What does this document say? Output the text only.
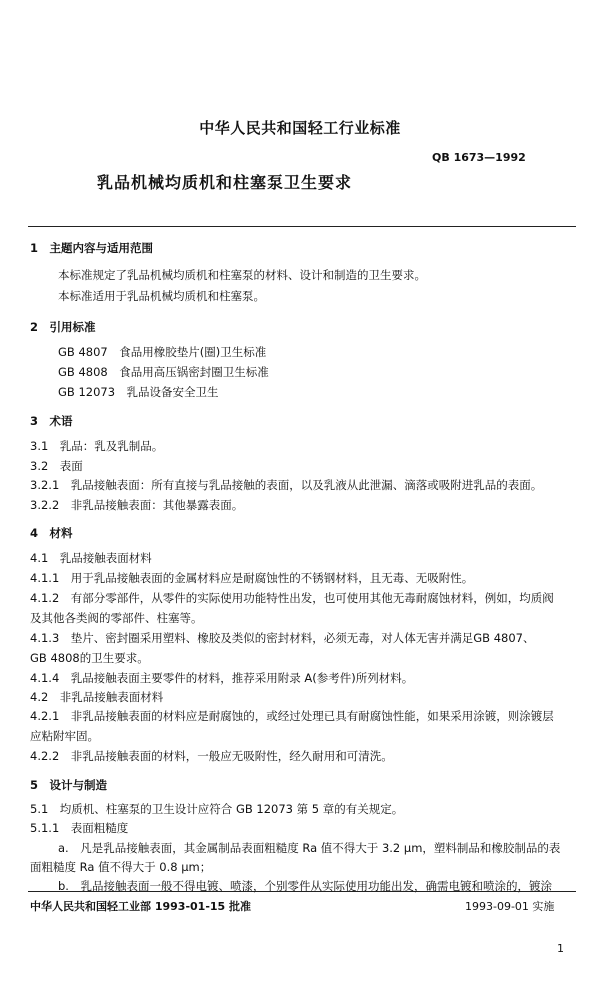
中华人民共和国轻工行业标准
QB 1673—1992
乳品机械均质机和柱塞泵卫生要求
1　主题内容与适用范围
本标准规定了乳品机械均质机和柱塞泵的材料、设计和制造的卫生要求。
本标准适用于乳品机械均质机和柱塞泵。
2　引用标准
GB 4807　食品用橡胶垫片(圈)卫生标准
GB 4808　食品用高压锅密封圈卫生标准
GB 12073　乳品设备安全卫生
3　术语
3.1　乳品：乳及乳制品。
3.2　表面
3.2.1　乳品接触表面：所有直接与乳品接触的表面，以及乳液从此泄漏、滴落或吸附进乳品的表面。
3.2.2　非乳品接触表面：其他暴露表面。
4　材料
4.1　乳品接触表面材料
4.1.1　用于乳品接触表面的金属材料应是耐腐蚀性的不锈钢材料，且无毒、无吸附性。
4.1.2　有部分零部件，从零件的实际使用功能特性出发，也可使用其他无毒耐腐蚀材料，例如，均质阀
及其他各类阀的零部件、柱塞等。
4.1.3　垫片、密封圈采用塑料、橡胶及类似的密封材料，必须无毒，对人体无害并满足GB 4807、
GB 4808的卫生要求。
4.1.4　乳品接触表面主要零件的材料，推荐采用附录 A(参考件)所列材料。
4.2　非乳品接触表面材料
4.2.1　非乳品接触表面的材料应是耐腐蚀的，或经过处理已具有耐腐蚀性能，如果采用涂镀，则涂镀层
应粘附牢固。
4.2.2　非乳品接触表面的材料，一般应无吸附性，经久耐用和可清洗。
5　设计与制造
5.1　均质机、柱塞泵的卫生设计应符合 GB 12073 第 5 章的有关规定。
5.1.1　表面粗糙度
a.　凡是乳品接触表面，其金属制品表面粗糙度 Ra 值不得大于 3.2 μm，塑料制品和橡胶制品的表
面粗糙度 Ra 值不得大于 0.8 μm；
b.　乳品接触表面一般不得电镀、喷漆，个别零件从实际使用功能出发，确需电镀和喷涂的，镀涂
中华人民共和国轻工业部 1993-01-15 批准	1993-09-01 实施
1
